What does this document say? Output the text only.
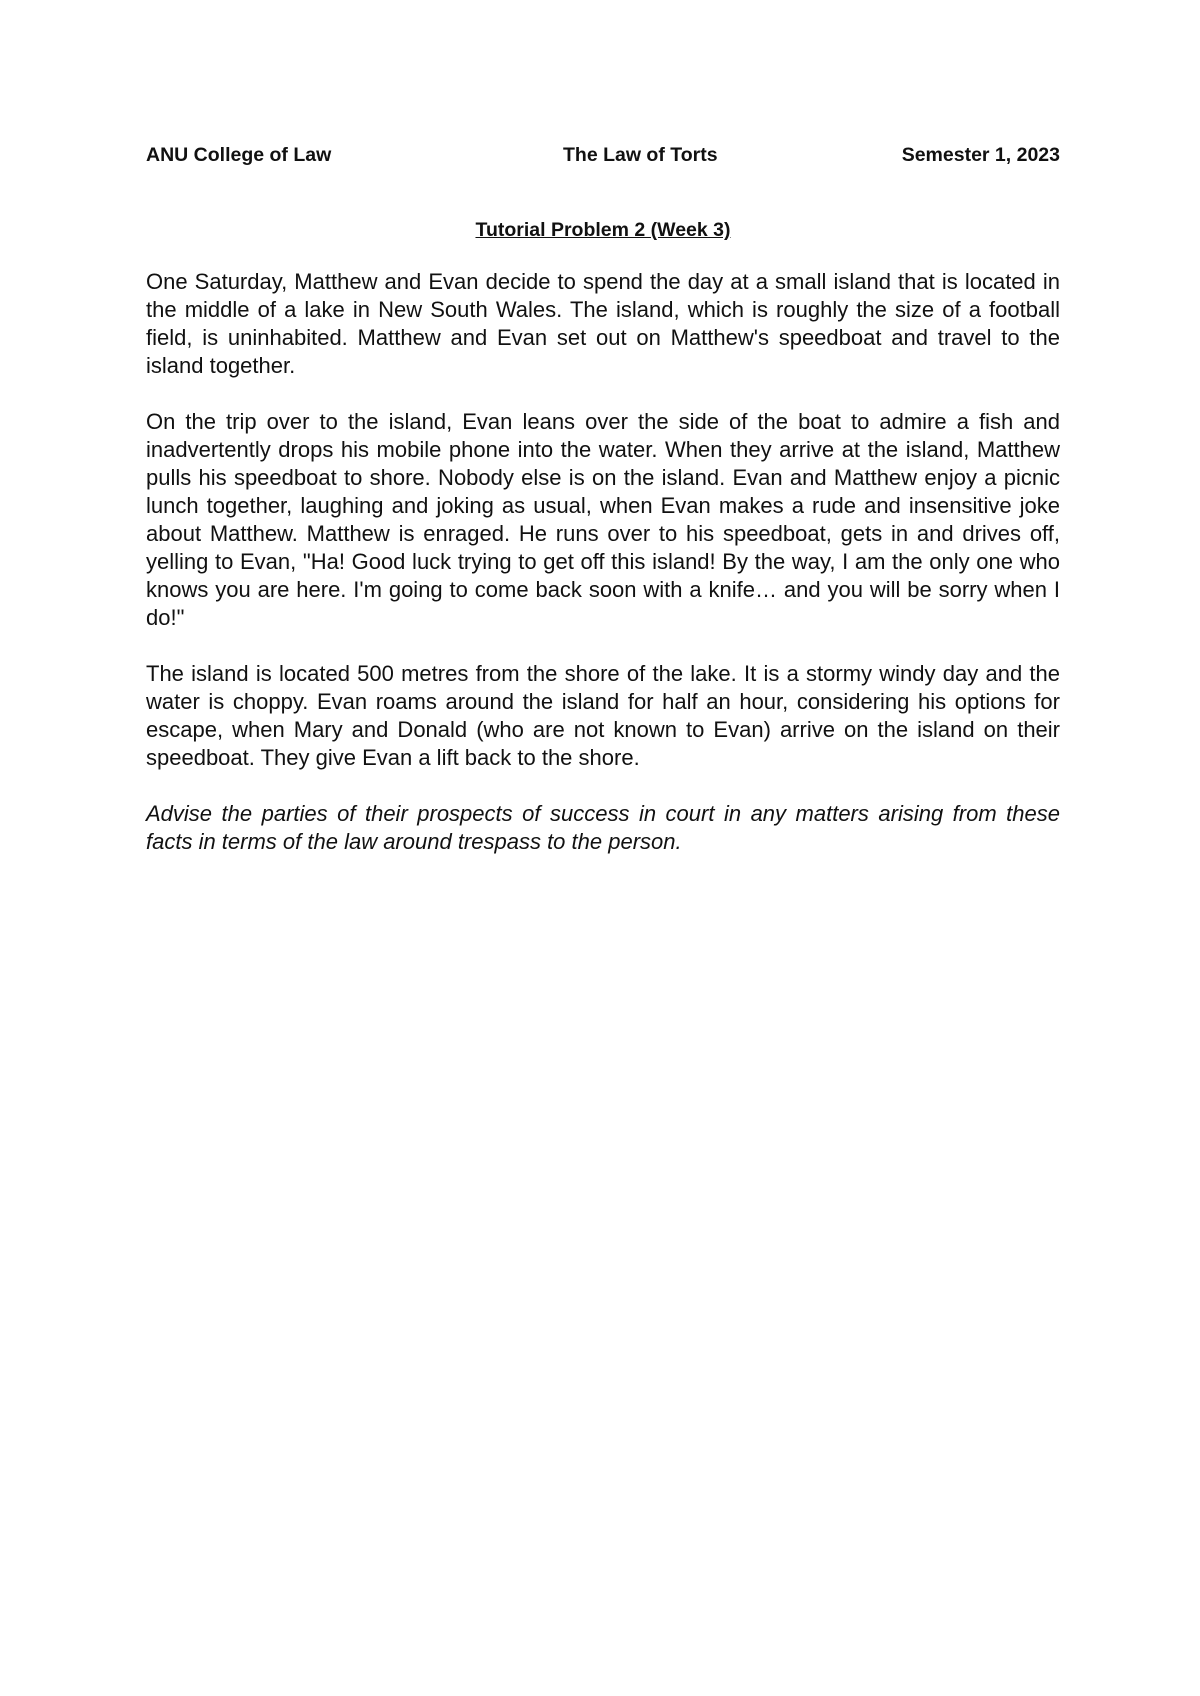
ANU College of Law	The Law of Torts	Semester 1, 2023
Tutorial Problem 2 (Week 3)

One Saturday, Matthew and Evan decide to spend the day at a small island that is located in the middle of a lake in New South Wales. The island, which is roughly the size of a football field, is uninhabited. Matthew and Evan set out on Matthew's speedboat and travel to the island together.

On the trip over to the island, Evan leans over the side of the boat to admire a fish and inadvertently drops his mobile phone into the water. When they arrive at the island, Matthew pulls his speedboat to shore. Nobody else is on the island. Evan and Matthew enjoy a picnic lunch together, laughing and joking as usual, when Evan makes a rude and insensitive joke about Matthew. Matthew is enraged. He runs over to his speedboat, gets in and drives off, yelling to Evan, "Ha! Good luck trying to get off this island! By the way, I am the only one who knows you are here. I'm going to come back soon with a knife… and you will be sorry when I do!"

The island is located 500 metres from the shore of the lake. It is a stormy windy day and the water is choppy. Evan roams around the island for half an hour, considering his options for escape, when Mary and Donald (who are not known to Evan) arrive on the island on their speedboat. They give Evan a lift back to the shore.

Advise the parties of their prospects of success in court in any matters arising from these facts in terms of the law around trespass to the person.
